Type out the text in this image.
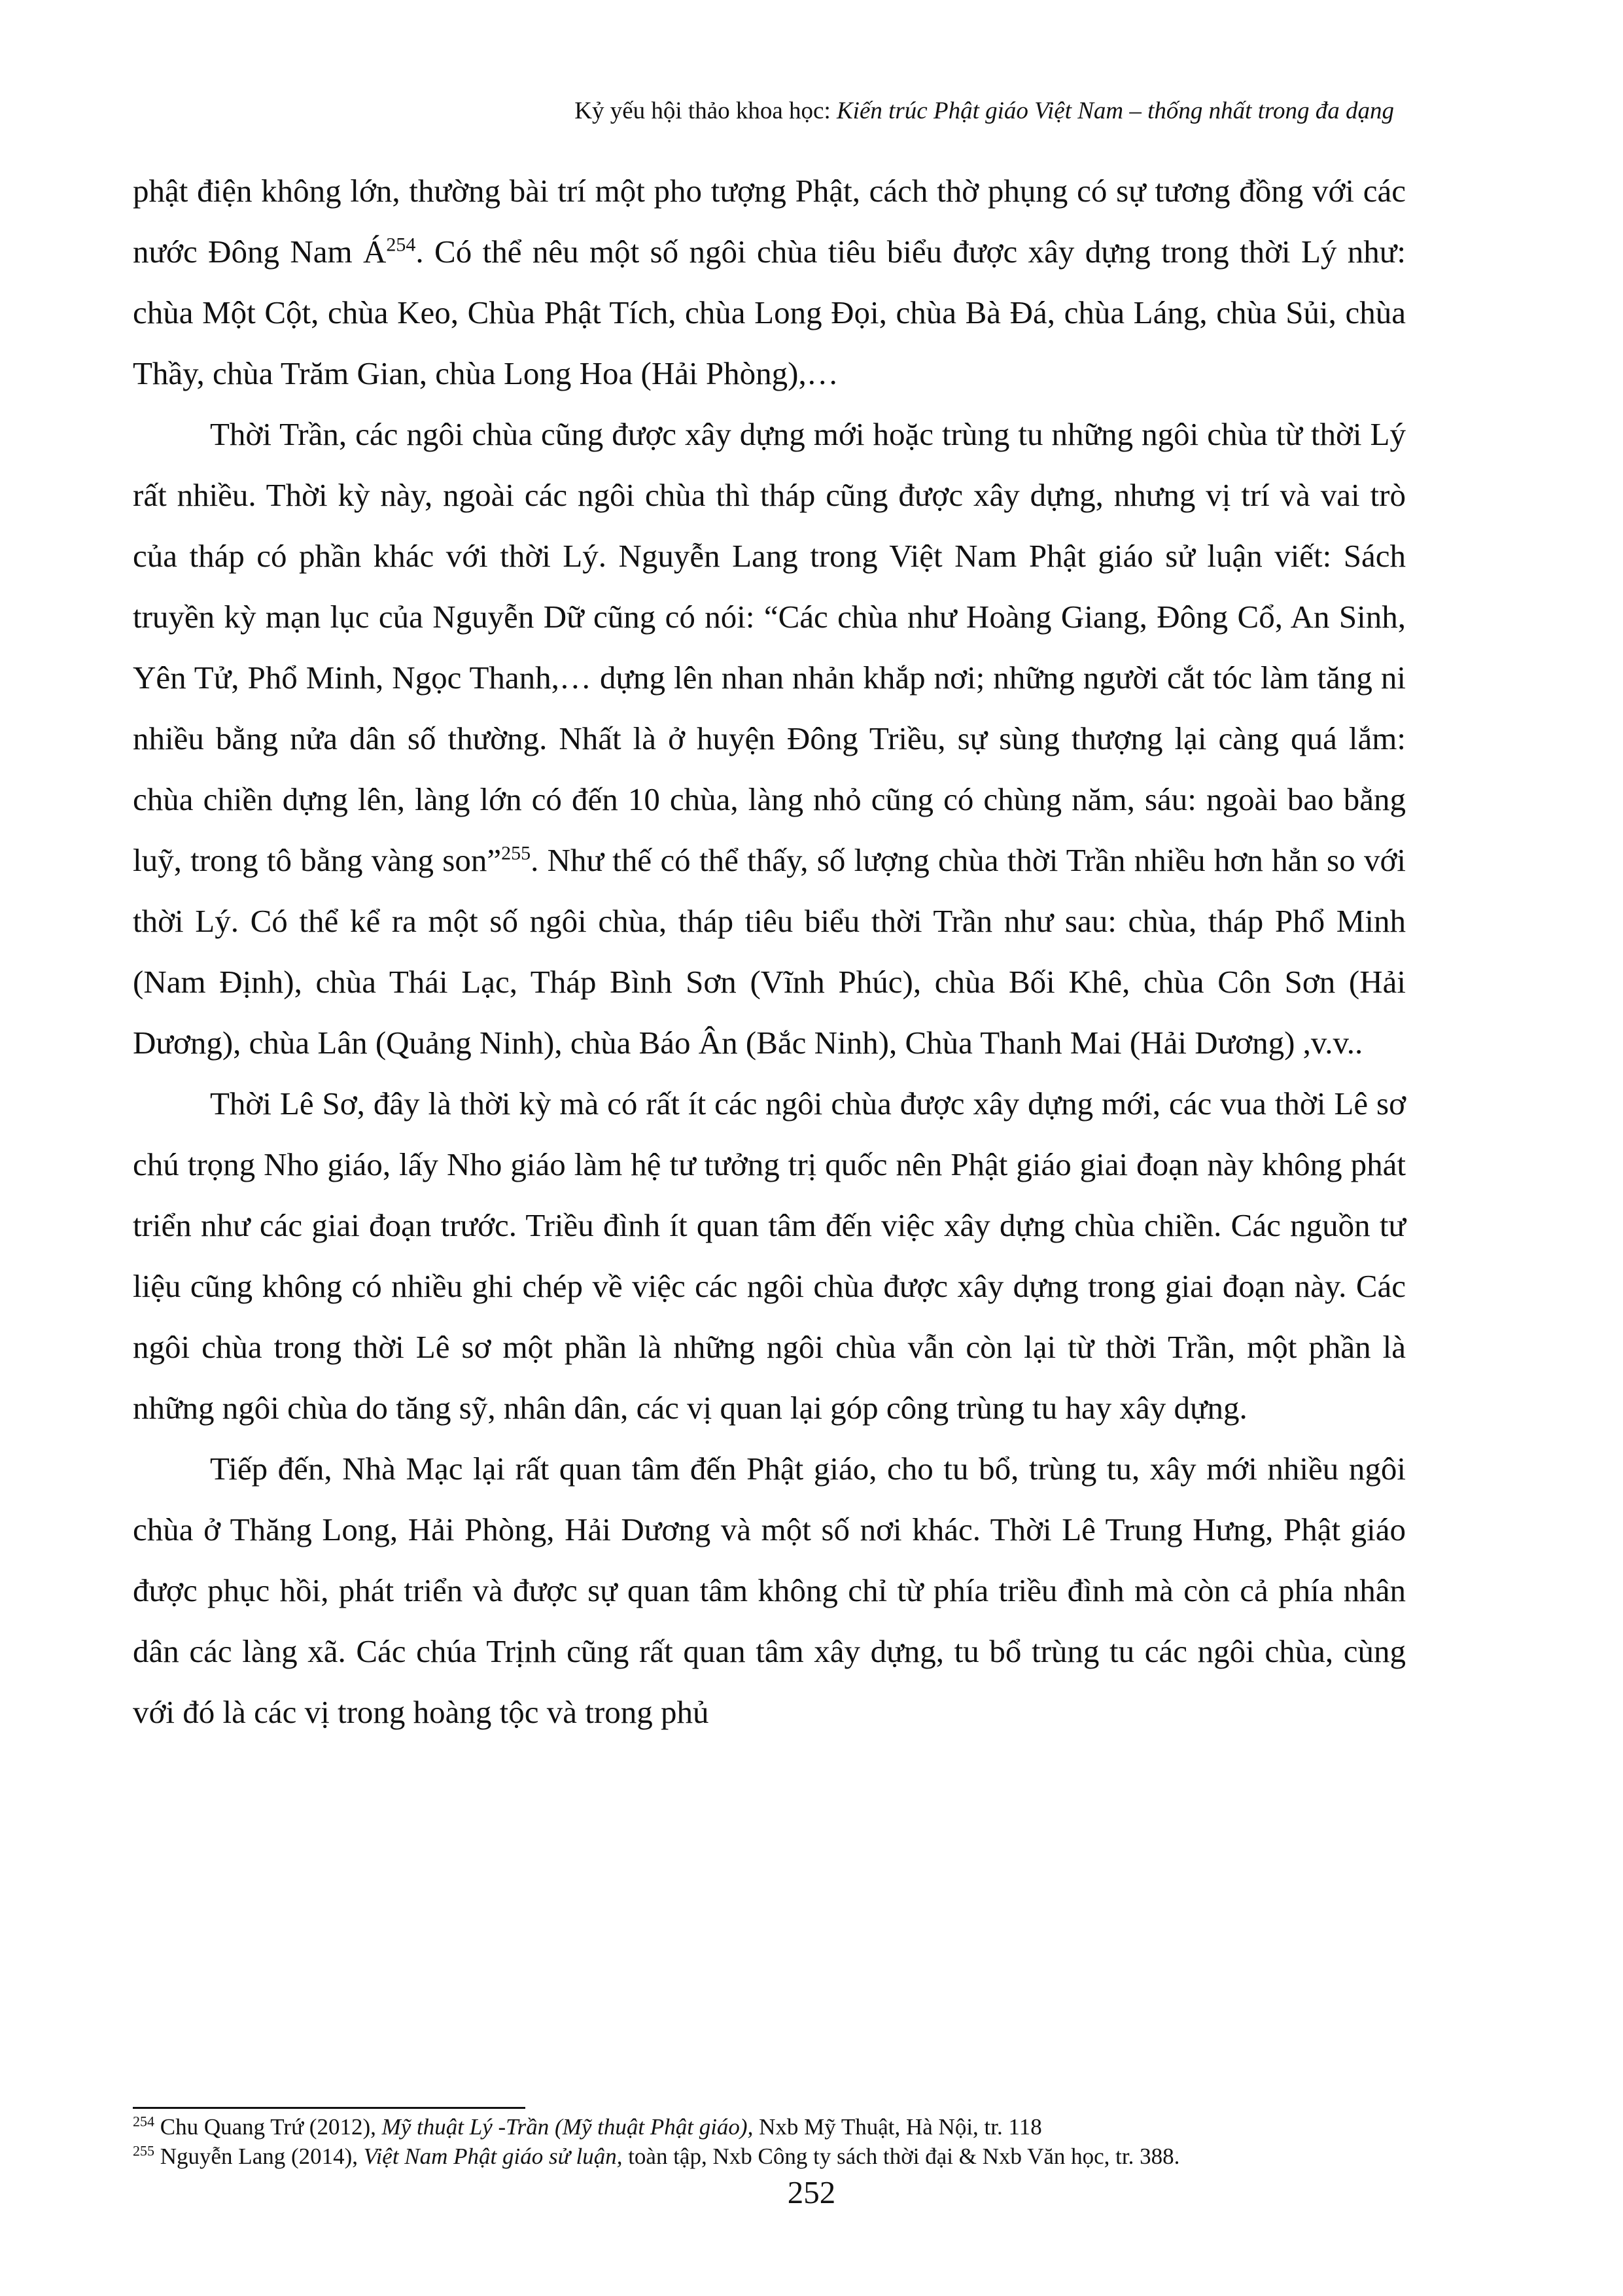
Kỷ yếu hội thảo khoa học: Kiến trúc Phật giáo Việt Nam – thống nhất trong đa dạng

phật điện không lớn, thường bài trí một pho tượng Phật, cách thờ phụng có sự tương đồng với các nước Đông Nam $Á^{254}$. Có thể nêu một số ngôi chùa tiêu biểu được xây dựng trong thời Lý như: chùa Một Cột, chùa Keo, Chùa Phật Tích, chùa Long Đọi, chùa Bà Đá, chùa Láng, chùa Sủi, chùa Thầy, chùa Trăm Gian, chùa Long Hoa (Hải Phòng),…

Thời Trần, các ngôi chùa cũng được xây dựng mới hoặc trùng tu những ngôi chùa từ thời Lý rất nhiều. Thời kỳ này, ngoài các ngôi chùa thì tháp cũng được xây dựng, nhưng vị trí và vai trò của tháp có phần khác với thời Lý. Nguyễn Lang trong Việt Nam Phật giáo sử luận viết: Sách truyền kỳ mạn lục của Nguyễn Dữ cũng có nói: “Các chùa như Hoàng Giang, Đông Cổ, An Sinh, Yên Tử, Phổ Minh, Ngọc Thanh,… dựng lên nhan nhản khắp nơi; những người cắt tóc làm tăng ni nhiều bằng nửa dân số thường. Nhất là ở huyện Đông Triều, sự sùng thượng lại càng quá lắm: chùa chiền dựng lên, làng lớn có đến 10 chùa, làng nhỏ cũng có chùng năm, sáu: ngoài bao bằng luỹ, trong tô bằng vàng son”$^{255}$. Như thế có thể thấy, số lượng chùa thời Trần nhiều hơn hẳn so với thời Lý. Có thể kể ra một số ngôi chùa, tháp tiêu biểu thời Trần như sau: chùa, tháp Phổ Minh (Nam Định), chùa Thái Lạc, Tháp Bình Sơn (Vĩnh Phúc), chùa Bối Khê, chùa Côn Sơn (Hải Dương), chùa Lân (Quảng Ninh), chùa Báo Ân (Bắc Ninh), Chùa Thanh Mai (Hải Dương) ,v.v..

Thời Lê Sơ, đây là thời kỳ mà có rất ít các ngôi chùa được xây dựng mới, các vua thời Lê sơ chú trọng Nho giáo, lấy Nho giáo làm hệ tư tưởng trị quốc nên Phật giáo giai đoạn này không phát triển như các giai đoạn trước. Triều đình ít quan tâm đến việc xây dựng chùa chiền. Các nguồn tư liệu cũng không có nhiều ghi chép về việc các ngôi chùa được xây dựng trong giai đoạn này. Các ngôi chùa trong thời Lê sơ một phần là những ngôi chùa vẫn còn lại từ thời Trần, một phần là những ngôi chùa do tăng sỹ, nhân dân, các vị quan lại góp công trùng tu hay xây dựng.

Tiếp đến, Nhà Mạc lại rất quan tâm đến Phật giáo, cho tu bổ, trùng tu, xây mới nhiều ngôi chùa ở Thăng Long, Hải Phòng, Hải Dương và một số nơi khác. Thời Lê Trung Hưng, Phật giáo được phục hồi, phát triển và được sự quan tâm không chỉ từ phía triều đình mà còn cả phía nhân dân các làng xã. Các chúa Trịnh cũng rất quan tâm xây dựng, tu bổ trùng tu các ngôi chùa, cùng với đó là các vị trong hoàng tộc và trong phủ

$^{254}$ Chu Quang Trứ (2012), Mỹ thuật Lý -Trần (Mỹ thuật Phật giáo), Nxb Mỹ Thuật, Hà Nội, tr. 118
$^{255}$ Nguyễn Lang (2014), Việt Nam Phật giáo sử luận, toàn tập, Nxb Công ty sách thời đại & Nxb Văn học, tr. 388.
252
